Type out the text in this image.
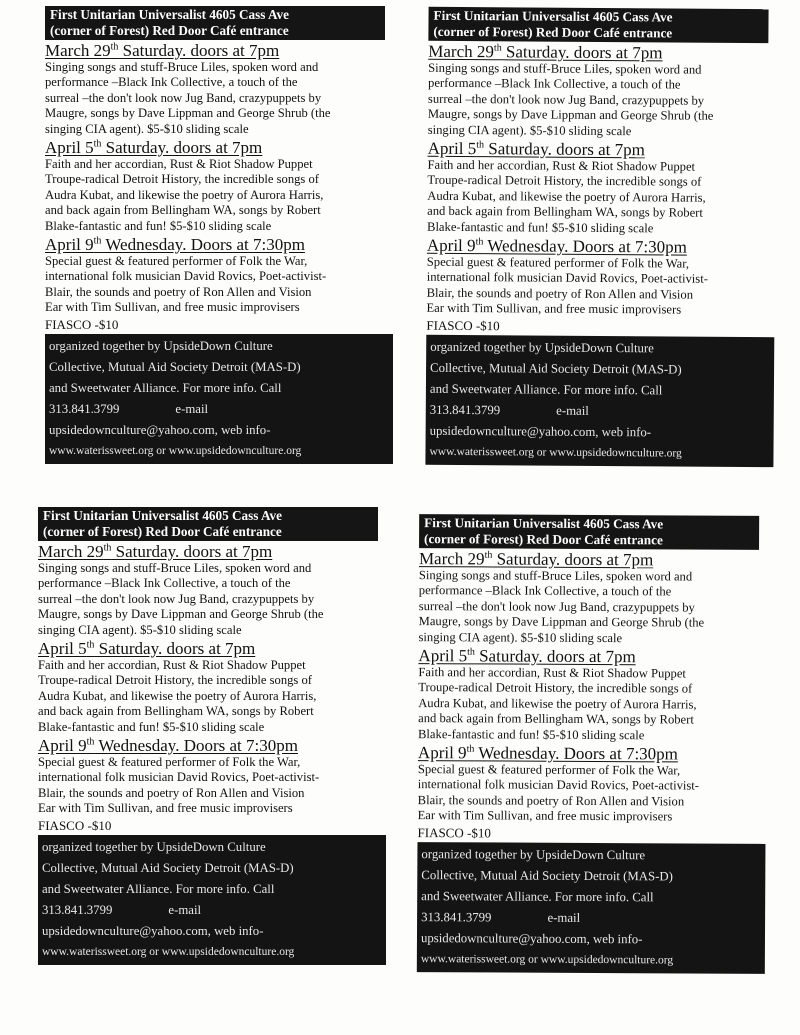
First Unitarian Universalist 4605 Cass Ave
(corner of Forest) Red Door Café entrance
March 29th Saturday. doors at 7pm
Singing songs and stuff-Bruce Liles, spoken word and
performance –Black Ink Collective, a touch of the
surreal –the don't look now Jug Band, crazypuppets by
Maugre, songs by Dave Lippman and George Shrub (the
singing CIA agent). $5-$10 sliding scale
April 5th Saturday. doors at 7pm
Faith and her accordian, Rust & Riot Shadow Puppet
Troupe-radical Detroit History, the incredible songs of
Audra Kubat, and likewise the poetry of Aurora Harris,
and back again from Bellingham WA, songs by Robert
Blake-fantastic and fun! $5-$10 sliding scale
April 9th Wednesday. Doors at 7:30pm
Special guest & featured performer of Folk the War,
international folk musician David Rovics, Poet-activist-
Blair, the sounds and poetry of Ron Allen and Vision
Ear with Tim Sullivan, and free music improvisers
FIASCO -$10
organized together by UpsideDown Culture
Collective, Mutual Aid Society Detroit (MAS-D)
and Sweetwater Alliance. For more info. Call
313.841.3799	e-mail
upsidedownculture@yahoo.com, web info-
www.waterissweet.org or www.upsidedownculture.org
First Unitarian Universalist 4605 Cass Ave
(corner of Forest) Red Door Café entrance
March 29th Saturday. doors at 7pm
Singing songs and stuff-Bruce Liles, spoken word and
performance –Black Ink Collective, a touch of the
surreal –the don't look now Jug Band, crazypuppets by
Maugre, songs by Dave Lippman and George Shrub (the
singing CIA agent). $5-$10 sliding scale
April 5th Saturday. doors at 7pm
Faith and her accordian, Rust & Riot Shadow Puppet
Troupe-radical Detroit History, the incredible songs of
Audra Kubat, and likewise the poetry of Aurora Harris,
and back again from Bellingham WA, songs by Robert
Blake-fantastic and fun! $5-$10 sliding scale
April 9th Wednesday. Doors at 7:30pm
Special guest & featured performer of Folk the War,
international folk musician David Rovics, Poet-activist-
Blair, the sounds and poetry of Ron Allen and Vision
Ear with Tim Sullivan, and free music improvisers
FIASCO -$10
organized together by UpsideDown Culture
Collective, Mutual Aid Society Detroit (MAS-D)
and Sweetwater Alliance. For more info. Call
313.841.3799	e-mail
upsidedownculture@yahoo.com, web info-
www.waterissweet.org or www.upsidedownculture.org
First Unitarian Universalist 4605 Cass Ave
(corner of Forest) Red Door Café entrance
March 29th Saturday. doors at 7pm
Singing songs and stuff-Bruce Liles, spoken word and
performance –Black Ink Collective, a touch of the
surreal –the don't look now Jug Band, crazypuppets by
Maugre, songs by Dave Lippman and George Shrub (the
singing CIA agent). $5-$10 sliding scale
April 5th Saturday. doors at 7pm
Faith and her accordian, Rust & Riot Shadow Puppet
Troupe-radical Detroit History, the incredible songs of
Audra Kubat, and likewise the poetry of Aurora Harris,
and back again from Bellingham WA, songs by Robert
Blake-fantastic and fun! $5-$10 sliding scale
April 9th Wednesday. Doors at 7:30pm
Special guest & featured performer of Folk the War,
international folk musician David Rovics, Poet-activist-
Blair, the sounds and poetry of Ron Allen and Vision
Ear with Tim Sullivan, and free music improvisers
FIASCO -$10
organized together by UpsideDown Culture
Collective, Mutual Aid Society Detroit (MAS-D)
and Sweetwater Alliance. For more info. Call
313.841.3799	e-mail
upsidedownculture@yahoo.com, web info-
www.waterissweet.org or www.upsidedownculture.org
First Unitarian Universalist 4605 Cass Ave
(corner of Forest) Red Door Café entrance
March 29th Saturday. doors at 7pm
Singing songs and stuff-Bruce Liles, spoken word and
performance –Black Ink Collective, a touch of the
surreal –the don't look now Jug Band, crazypuppets by
Maugre, songs by Dave Lippman and George Shrub (the
singing CIA agent). $5-$10 sliding scale
April 5th Saturday. doors at 7pm
Faith and her accordian, Rust & Riot Shadow Puppet
Troupe-radical Detroit History, the incredible songs of
Audra Kubat, and likewise the poetry of Aurora Harris,
and back again from Bellingham WA, songs by Robert
Blake-fantastic and fun! $5-$10 sliding scale
April 9th Wednesday. Doors at 7:30pm
Special guest & featured performer of Folk the War,
international folk musician David Rovics, Poet-activist-
Blair, the sounds and poetry of Ron Allen and Vision
Ear with Tim Sullivan, and free music improvisers
FIASCO -$10
organized together by UpsideDown Culture
Collective, Mutual Aid Society Detroit (MAS-D)
and Sweetwater Alliance. For more info. Call
313.841.3799	e-mail
upsidedownculture@yahoo.com, web info-
www.waterissweet.org or www.upsidedownculture.org
